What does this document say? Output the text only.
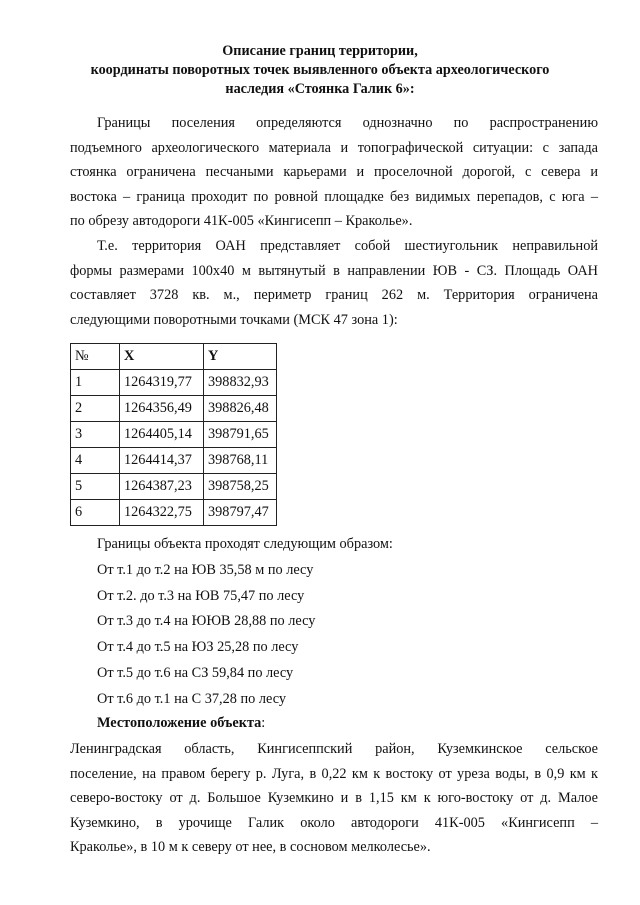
Описание границ территории,
координаты поворотных точек выявленного объекта археологического
наследия «Стоянка Галик 6»:
Границы поселения определяются однозначно по распространению
подъемного археологического материала и топографической ситуации: с запада
стоянка ограничена песчаными карьерами и проселочной дорогой, с севера и
востока – граница проходит по ровной площадке без видимых перепадов, с юга –
по обрезу автодороги 41К-005 «Кингисепп – Краколье».
Т.е. территория ОАН представляет собой шестиугольник неправильной
формы размерами 100х40 м вытянутый в направлении ЮВ - СЗ. Площадь ОАН
составляет 3728 кв. м., периметр границ 262 м. Территория ограничена
следующими поворотными точками (МСК 47 зона 1):
№	X	Y
1	1264319,77	398832,93
2	1264356,49	398826,48
3	1264405,14	398791,65
4	1264414,37	398768,11
5	1264387,23	398758,25
6	1264322,75	398797,47
Границы объекта проходят следующим образом:
От т.1 до т.2 на ЮВ 35,58 м по лесу
От т.2. до т.3 на ЮВ 75,47 по лесу
От т.3 до т.4 на ЮЮВ 28,88 по лесу
От т.4 до т.5 на ЮЗ 25,28 по лесу
От т.5 до т.6 на СЗ 59,84 по лесу
От т.6 до т.1 на С 37,28 по лесу
Местоположение объекта:
Ленинградская область, Кингисеппский район, Куземкинское сельское
поселение, на правом берегу р. Луга, в 0,22 км к востоку от уреза воды, в 0,9 км к
северо-востоку от д. Большое Куземкино и в 1,15 км к юго-востоку от д. Малое
Куземкино, в урочище Галик около автодороги 41К-005 «Кингисепп –
Краколье», в 10 м к северу от нее, в сосновом мелколесье».
